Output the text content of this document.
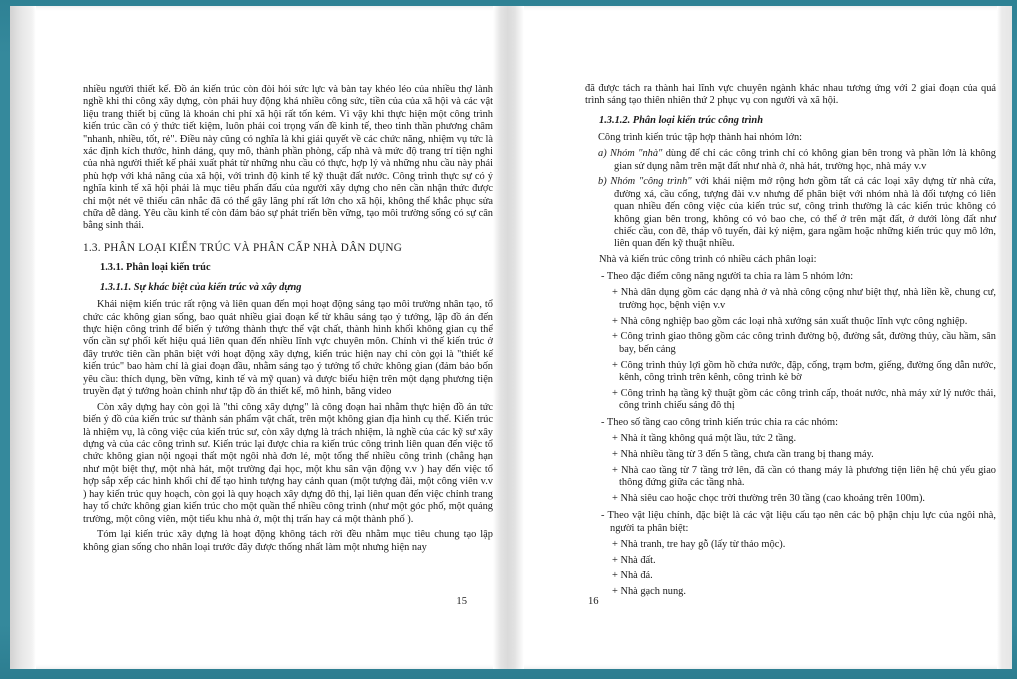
nhiều người thiết kế. Đồ án kiến trúc còn đòi hỏi sức lực và bàn tay khéo léo của nhiều thợ lành nghề khi thi công xây dựng, còn phải huy động khá nhiều công sức, tiền của của xã hội và các vật liệu trang thiết bị cũng là khoản chi phí xã hội rất tốn kém. Vì vậy khi thực hiện một công trình kiến trúc cần có ý thức tiết kiệm, luôn phải coi trọng vấn đề kinh tế, theo tinh thần phương châm "nhanh, nhiều, tốt, rẻ". Điều này cũng có nghĩa là khi giải quyết về các chức năng, nhiệm vụ tức là xác định kích thước, hình dáng, quy mô, thành phần phòng, cấp nhà và mức độ trang trí tiện nghi của nhà người thiết kế phải xuất phát từ những nhu cầu có thực, hợp lý và những nhu cầu này phải phù hợp với khả năng của xã hội, với trình độ kinh tế kỹ thuật đất nước. Công trình thực sự có ý nghĩa kinh tế xã hội phải là mục tiêu phấn đấu của người xây dựng cho nên cần nhận thức được chỉ một nét vẽ thiếu cân nhắc đã có thể gây lãng phí rất lớn cho xã hội, không thể khắc phục sửa chữa dễ dàng. Yêu cầu kinh tế còn đảm bảo sự phát triển bền vững, tạo môi trường sống có sự cân bằng sinh thái.

1.3. PHÂN LOẠI KIẾN TRÚC VÀ PHÂN CẤP NHÀ DÂN DỤNG
1.3.1. Phân loại kiến trúc
1.3.1.1. Sự khác biệt của kiến trúc và xây dựng

Khái niệm kiến trúc rất rộng và liên quan đến mọi hoạt động sáng tạo môi trường nhân tạo, tổ chức các không gian sống, bao quát nhiều giai đoạn kể từ khâu sáng tạo ý tưởng, lập đồ án đến thực hiện công trình để biến ý tưởng thành thực thể vật chất, thành hình khối không gian cụ thể vốn cần sự phối kết hiệu quả liên quan đến nhiều lĩnh vực chuyên môn. Chính vì thế kiến trúc ở đây trước tiên cần phân biệt với hoạt động xây dựng, kiến trúc hiện nay chỉ còn gọi là "thiết kế kiến trúc" bao hàm chỉ là giai đoạn đầu, nhằm sáng tạo ý tưởng tổ chức không gian (đảm bảo bốn yêu cầu: thích dụng, bền vững, kinh tế và mỹ quan) và được biểu hiện trên một dạng phương tiện truyền đạt ý tưởng hoàn chỉnh như tập đồ án thiết kế, mô hình, băng video

Còn xây dựng hay còn gọi là "thi công xây dựng" là công đoạn hai nhằm thực hiện đồ án tức biến ý đồ của kiến trúc sư thành sản phẩm vật chất, trên một không gian địa hình cụ thể. Kiến trúc là nhiệm vụ, là công việc của kiến trúc sư, còn xây dựng là trách nhiệm, là nghề của các kỹ sư xây dựng và của các công trình sư. Kiến trúc lại được chia ra kiến trúc công trình liên quan đến việc tổ chức không gian nội ngoại thất một ngôi nhà đơn lẻ, một tổng thể nhiều công trình (chẳng hạn như một biệt thự, một nhà hát, một trường đại học, một khu sân vận động v.v ) hay đến việc tổ hợp sắp xếp các hình khối chỉ để tạo hình tượng hay cảnh quan (một tượng đài, một công viên v.v ) hay kiến trúc quy hoạch, còn gọi là quy hoạch xây dựng đô thị, lại liên quan đến việc chỉnh trang hay tổ chức không gian kiến trúc cho một quần thể nhiều công trình (như một góc phố, một quảng trường, một công viên, một tiểu khu nhà ở, một thị trấn hay cả một thành phố ).

Tóm lại kiến trúc xây dựng là hoạt động không tách rời đều nhằm mục tiêu chung tạo lập không gian sống cho nhân loại trước đây được thống nhất làm một nhưng hiện nay

15

đã được tách ra thành hai lĩnh vực chuyên ngành khác nhau tương ứng với 2 giai đoạn của quá trình sáng tạo thiên nhiên thứ 2 phục vụ con người và xã hội.

1.3.1.2. Phân loại kiến trúc công trình

Công trình kiến trúc tập hợp thành hai nhóm lớn:

a) Nhóm "nhà" dùng để chỉ các công trình chỉ có không gian bên trong và phần lớn là không gian sử dụng nằm trên mặt đất như nhà ở, nhà hát, trường học, nhà máy v.v
b) Nhóm "công trình" với khái niệm mở rộng hơn gồm tất cả các loại xây dựng từ nhà cửa, đường xá, cầu cống, tượng đài v.v nhưng để phân biệt với nhóm nhà là đối tượng có liên quan nhiều đến công việc của kiến trúc sư, công trình thường là các kiến trúc không có không gian bên trong, không có vỏ bao che, có thể ở trên mặt đất, ở dưới lòng đất như chiếc cầu, con đê, tháp vô tuyến, đài kỷ niệm, gara ngầm hoặc những kiến trúc quy mô lớn, liên quan đến kỹ thuật nhiều.

Nhà và kiến trúc công trình có nhiều cách phân loại:

- Theo đặc điểm công năng người ta chia ra làm 5 nhóm lớn:
+ Nhà dân dụng gồm các dạng nhà ở và nhà công cộng như biệt thự, nhà liền kề, chung cư, trường học, bệnh viện v.v
+ Nhà công nghiệp bao gồm các loại nhà xưởng sản xuất thuộc lĩnh vực công nghiệp.
+ Công trình giao thông gồm các công trình đường bộ, đường sắt, đường thủy, cầu hầm, sân bay, bến cảng
+ Công trình thủy lợi gồm hồ chứa nước, đập, cống, trạm bơm, giếng, đường ống dẫn nước, kênh, công trình trên kênh, công trình kè bờ
+ Công trình hạ tầng kỹ thuật gồm các công trình cấp, thoát nước, nhà máy xử lý nước thải, công trình chiếu sáng đô thị
- Theo số tầng cao công trình kiến trúc chia ra các nhóm:
+ Nhà ít tầng không quá một lầu, tức 2 tầng.
+ Nhà nhiều tầng từ 3 đến 5 tầng, chưa cần trang bị thang máy.
+ Nhà cao tầng từ 7 tầng trở lên, đã cần có thang máy là phương tiện liên hệ chủ yếu giao thông đứng giữa các tầng nhà.
+ Nhà siêu cao hoặc chọc trời thường trên 30 tầng (cao khoảng trên 100m).
- Theo vật liệu chính, đặc biệt là các vật liệu cấu tạo nên các bộ phận chịu lực của ngôi nhà, người ta phân biệt:
+ Nhà tranh, tre hay gỗ (lấy từ thảo mộc).
+ Nhà đất.
+ Nhà đá.
+ Nhà gạch nung.
16
